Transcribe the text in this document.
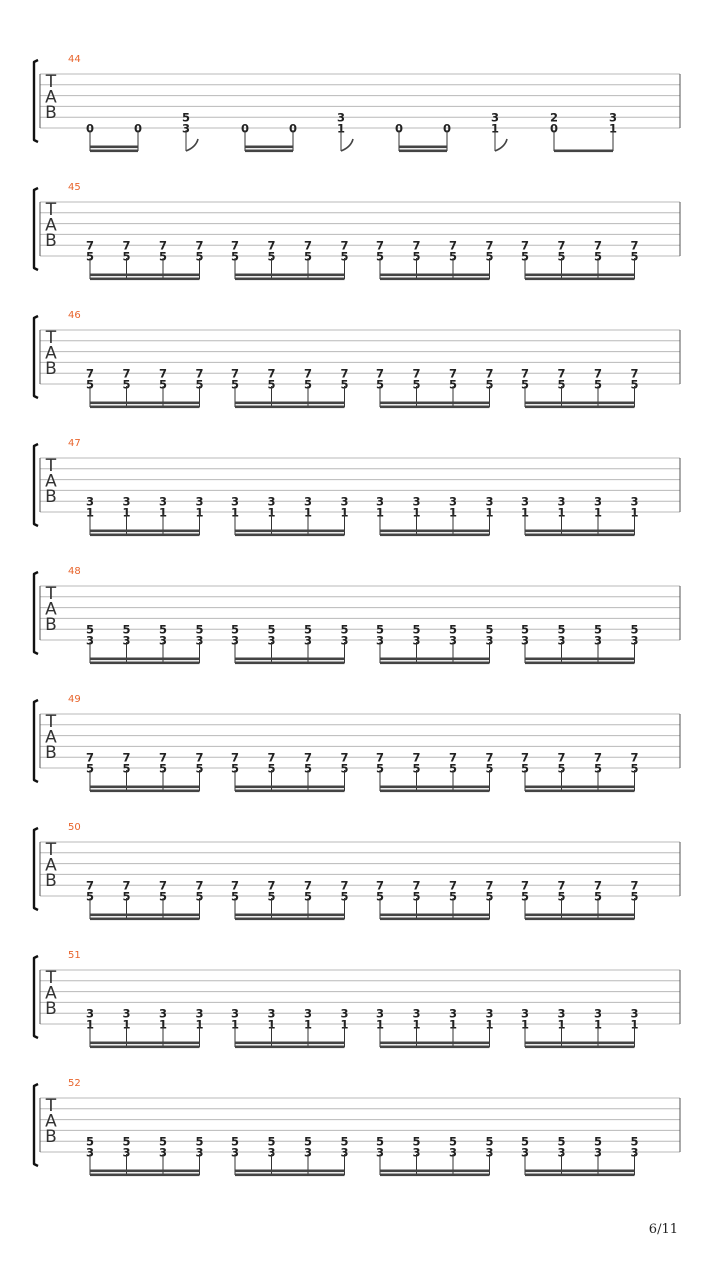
T
A
B
44
0	0
5
3	0	0
3
1	0	0
3
1
2
0
3
1
T
A
B
45
7
5
7
5
7
5
7
5
7
5
7
5
7
5
7
5
7
5
7
5
7
5
7
5
7
5
7
5
7
5
7
5
T
A
B
46
7
5
7
5
7
5
7
5
7
5
7
5
7
5
7
5
7
5
7
5
7
5
7
5
7
5
7
5
7
5
7
5
T
A
B
47
3
1
3
1
3
1
3
1
3
1
3
1
3
1
3
1
3
1
3
1
3
1
3
1
3
1
3
1
3
1
3
1
T
A
B
48
5
3
5
3
5
3
5
3
5
3
5
3
5
3
5
3
5
3
5
3
5
3
5
3
5
3
5
3
5
3
5
3
T
A
B
49
7
5
7
5
7
5
7
5
7
5
7
5
7
5
7
5
7
5
7
5
7
5
7
5
7
5
7
5
7
5
7
5
T
A
B
50
7
5
7
5
7
5
7
5
7
5
7
5
7
5
7
5
7
5
7
5
7
5
7
5
7
5
7
5
7
5
7
5
T
A
B
51
3
1
3
1
3
1
3
1
3
1
3
1
3
1
3
1
3
1
3
1
3
1
3
1
3
1
3
1
3
1
3
1
T
A
B
52
5
3
5
3
5
3
5
3
5
3
5
3
5
3
5
3
5
3
5
3
5
3
5
3
5
3
5
3
5
3
5
3
6/11
